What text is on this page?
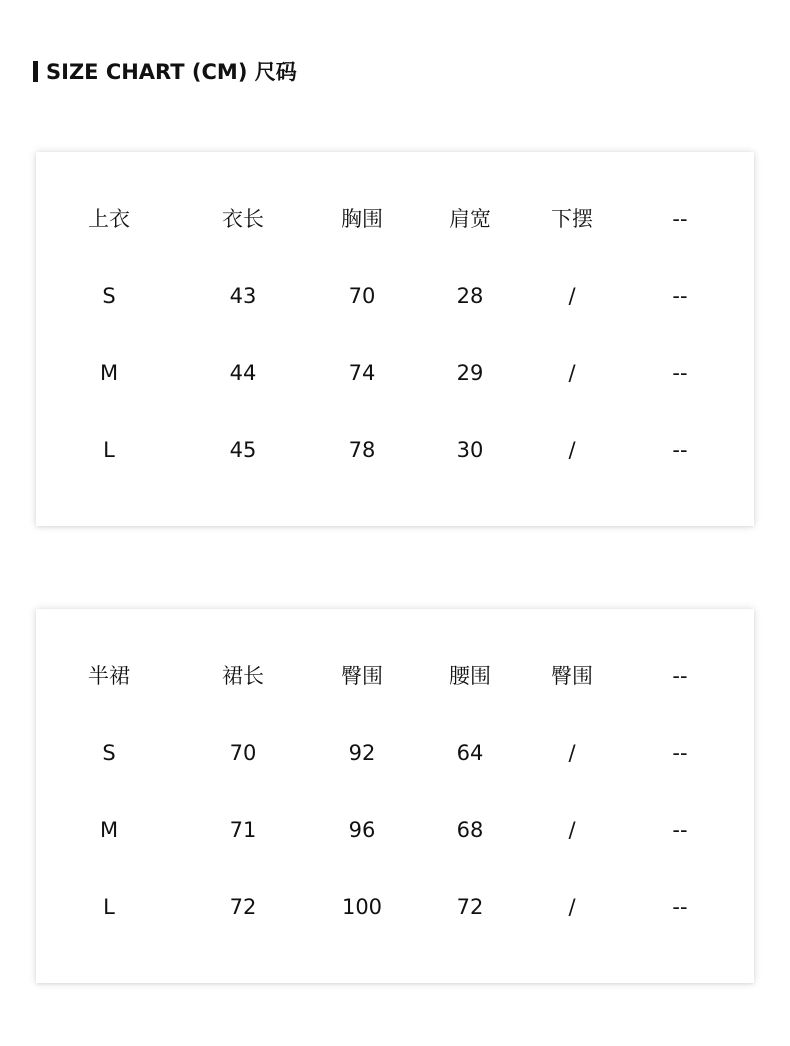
SIZE CHART (CM) 尺码
上衣	衣长	胸围	肩宽	下摆	--
S	43	70	28	/	--
M	44	74	29	/	--
L	45	78	30	/	--
半裙	裙长	臀围	腰围	臀围	--
S	70	92	64	/	--
M	71	96	68	/	--
L	72	100	72	/	--
